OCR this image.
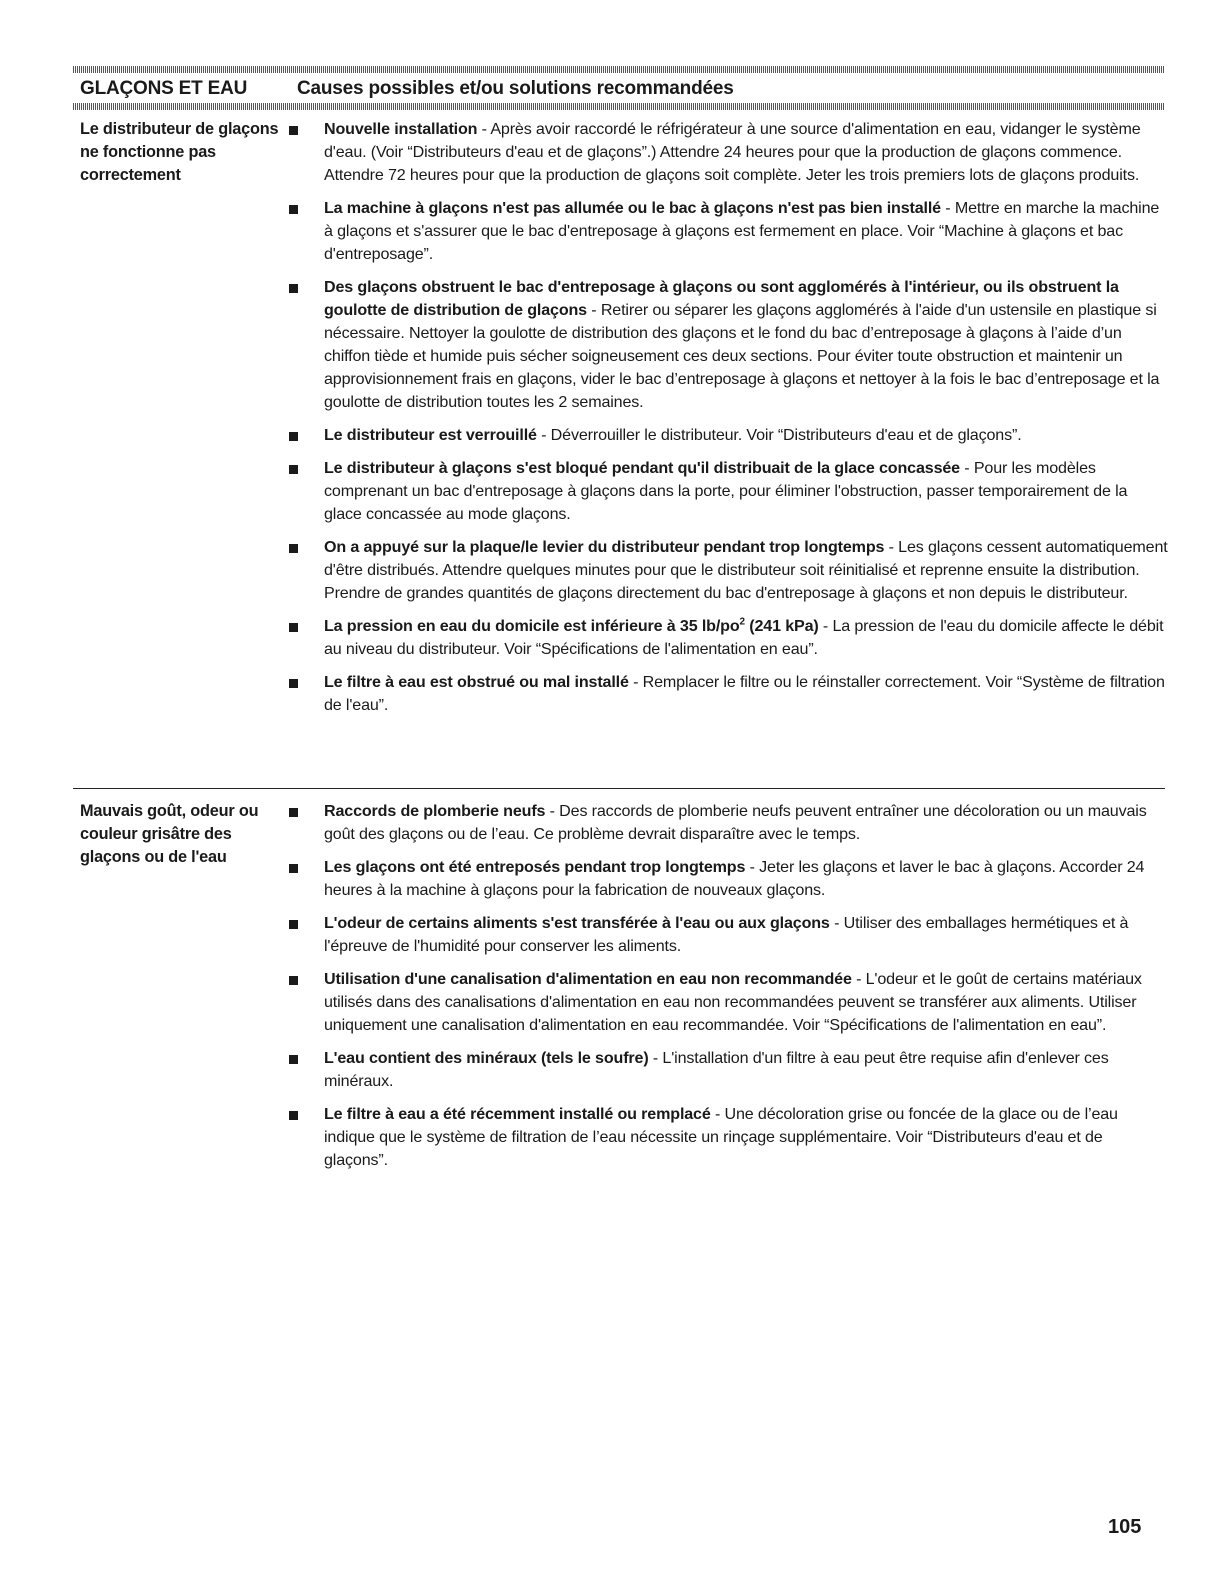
GLAÇONS ET EAU	Causes possibles et/ou solutions recommandées
Le distributeur de glaçons ne fonctionne pas correctement
Nouvelle installation - Après avoir raccordé le réfrigérateur à une source d'alimentation en eau, vidanger le système d'eau. (Voir “Distributeurs d'eau et de glaçons”.) Attendre 24 heures pour que la production de glaçons commence. Attendre 72 heures pour que la production de glaçons soit complète. Jeter les trois premiers lots de glaçons produits.
La machine à glaçons n'est pas allumée ou le bac à glaçons n'est pas bien installé - Mettre en marche la machine à glaçons et s'assurer que le bac d'entreposage à glaçons est fermement en place. Voir “Machine à glaçons et bac d'entreposage”.
Des glaçons obstruent le bac d'entreposage à glaçons ou sont agglomérés à l'intérieur, ou ils obstruent la goulotte de distribution de glaçons - Retirer ou séparer les glaçons agglomérés à l'aide d'un ustensile en plastique si nécessaire. Nettoyer la goulotte de distribution des glaçons et le fond du bac d’entreposage à glaçons à l’aide d’un chiffon tiède et humide puis sécher soigneusement ces deux sections. Pour éviter toute obstruction et maintenir un approvisionnement frais en glaçons, vider le bac d’entreposage à glaçons et nettoyer à la fois le bac d’entreposage et la goulotte de distribution toutes les 2 semaines.
Le distributeur est verrouillé - Déverrouiller le distributeur. Voir “Distributeurs d'eau et de glaçons”.
Le distributeur à glaçons s'est bloqué pendant qu'il distribuait de la glace concassée - Pour les modèles comprenant un bac d'entreposage à glaçons dans la porte, pour éliminer l'obstruction, passer temporairement de la glace concassée au mode glaçons.
On a appuyé sur la plaque/le levier du distributeur pendant trop longtemps - Les glaçons cessent automatiquement d'être distribués. Attendre quelques minutes pour que le distributeur soit réinitialisé et reprenne ensuite la distribution. Prendre de grandes quantités de glaçons directement du bac d'entreposage à glaçons et non depuis le distributeur.
La pression en eau du domicile est inférieure à 35 $lb/po^2$ (241 kPa) - La pression de l'eau du domicile affecte le débit au niveau du distributeur. Voir “Spécifications de l'alimentation en eau”.
Le filtre à eau est obstrué ou mal installé - Remplacer le filtre ou le réinstaller correctement. Voir “Système de filtration de l'eau”.
Mauvais goût, odeur ou couleur grisâtre des glaçons ou de l'eau
Raccords de plomberie neufs - Des raccords de plomberie neufs peuvent entraîner une décoloration ou un mauvais goût des glaçons ou de l’eau. Ce problème devrait disparaître avec le temps.
Les glaçons ont été entreposés pendant trop longtemps - Jeter les glaçons et laver le bac à glaçons. Accorder 24 heures à la machine à glaçons pour la fabrication de nouveaux glaçons.
L'odeur de certains aliments s'est transférée à l'eau ou aux glaçons - Utiliser des emballages hermétiques et à l'épreuve de l'humidité pour conserver les aliments.
Utilisation d'une canalisation d'alimentation en eau non recommandée - L'odeur et le goût de certains matériaux utilisés dans des canalisations d'alimentation en eau non recommandées peuvent se transférer aux aliments. Utiliser uniquement une canalisation d'alimentation en eau recommandée. Voir “Spécifications de l'alimentation en eau”.
L'eau contient des minéraux (tels le soufre) - L'installation d'un filtre à eau peut être requise afin d'enlever ces minéraux.
Le filtre à eau a été récemment installé ou remplacé - Une décoloration grise ou foncée de la glace ou de l’eau indique que le système de filtration de l’eau nécessite un rinçage supplémentaire. Voir “Distributeurs d'eau et de glaçons”.
105
